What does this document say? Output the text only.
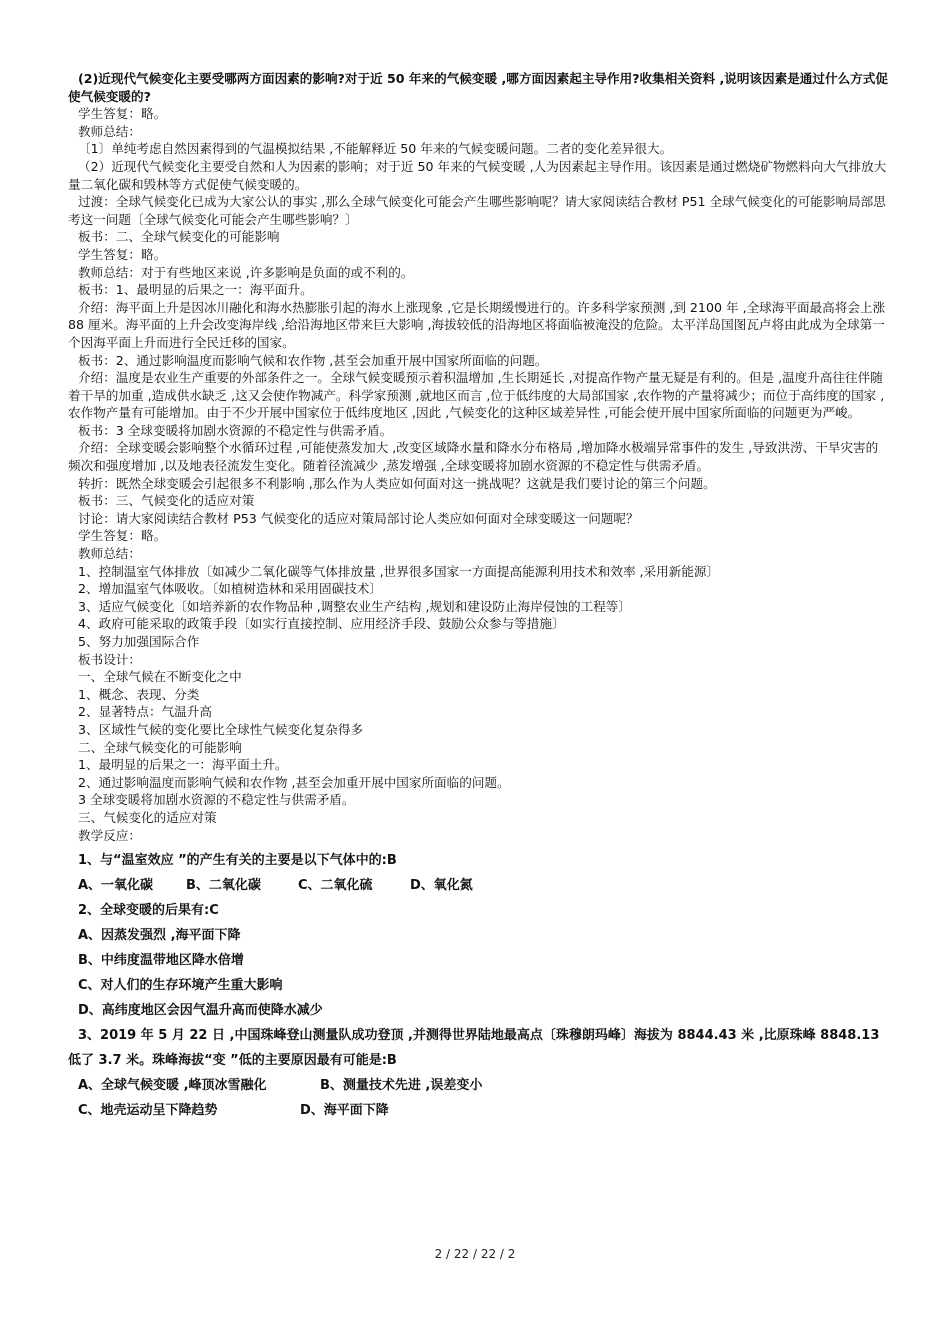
(2)近现代气候变化主要受哪两方面因素的影响?对于近 50 年来的气候变暖 ,哪方面因素起主导作用?收集相关资料 ,说明该因素是通过什么方式促使气候变暖的?

学生答复：略。

教师总结：

〔1〕单纯考虑自然因素得到的气温模拟结果 ,不能解释近 50 年来的气候变暖问题。二者的变化差异很大。

（2）近现代气候变化主要受自然和人为因素的影响；对于近 50 年来的气候变暖 ,人为因素起主导作用。该因素是通过燃烧矿物燃料向大气排放大量二氧化碳和毁林等方式促使气候变暖的。

过渡：全球气候变化已成为大家公认的事实 ,那么全球气候变化可能会产生哪些影响呢？请大家阅读结合教材 P51 全球气候变化的可能影响局部思考这一问题〔全球气候变化可能会产生哪些影响？〕

板书：二、全球气候变化的可能影响

学生答复：略。

教师总结：对于有些地区来说 ,许多影响是负面的或不利的。

板书：1、最明显的后果之一：海平面升。

介绍：海平面上升是因冰川融化和海水热膨胀引起的海水上涨现象 ,它是长期缓慢进行的。许多科学家预测 ,到 2100 年 ,全球海平面最高将会上涨 88 厘米。海平面的上升会改变海岸线 ,给沿海地区带来巨大影响 ,海拔较低的沿海地区将面临被淹没的危险。太平洋岛国图瓦卢将由此成为全球第一个因海平面上升而进行全民迁移的国家。

板书：2、通过影响温度而影响气候和农作物 ,甚至会加重开展中国家所面临的问题。

介绍：温度是农业生产重要的外部条件之一。全球气候变暖预示着积温增加 ,生长期延长 ,对提高作物产量无疑是有利的。但是 ,温度升高往往伴随着干旱的加重 ,造成供水缺乏 ,这又会使作物减产。科学家预测 ,就地区而言 ,位于低纬度的大局部国家 ,农作物的产量将减少；而位于高纬度的国家 ,农作物产量有可能增加。由于不少开展中国家位于低纬度地区 ,因此 ,气候变化的这种区域差异性 ,可能会使开展中国家所面临的问题更为严峻。

板书：3 全球变暖将加剧水资源的不稳定性与供需矛盾。

介绍：全球变暖会影响整个水循环过程 ,可能使蒸发加大 ,改变区域降水量和降水分布格局 ,增加降水极端异常事件的发生 ,导致洪涝、干旱灾害的频次和强度增加 ,以及地表径流发生变化。随着径流减少 ,蒸发增强 ,全球变暖将加剧水资源的不稳定性与供需矛盾。

转折：既然全球变暖会引起很多不利影响 ,那么作为人类应如何面对这一挑战呢？这就是我们要讨论的第三个问题。

板书：三、气候变化的适应对策

讨论：请大家阅读结合教材 P53 气候变化的适应对策局部讨论人类应如何面对全球变暖这一问题呢？

学生答复：略。

教师总结：

1、控制温室气体排放〔如减少二氧化碳等气体排放量 ,世界很多国家一方面提高能源利用技术和效率 ,采用新能源〕

2、增加温室气体吸收。〔如植树造林和采用固碳技术〕

3、适应气候变化〔如培养新的农作物品种 ,调整农业生产结构 ,规划和建设防止海岸侵蚀的工程等〕

4、政府可能采取的政策手段〔如实行直接控制、应用经济手段、鼓励公众参与等措施〕

5、努力加强国际合作

板书设计：

一、全球气候在不断变化之中

1、概念、表现、分类

2、显著特点：气温升高

3、区域性气候的变化要比全球性气候变化复杂得多

二、全球气候变化的可能影响

1、最明显的后果之一：海平面土升。

2、通过影响温度而影响气候和农作物 ,甚至会加重开展中国家所面临的问题。

3 全球变暖将加剧水资源的不稳定性与供需矛盾。

三、气候变化的适应对策

教学反应：

1、与“温室效应 ”的产生有关的主要是以下气体中的:B

A、一氧化碳	B、二氧化碳	C、二氧化硫	D、氧化氮

2、全球变暖的后果有:C

A、因蒸发强烈 ,海平面下降

B、中纬度温带地区降水倍增

C、对人们的生存环境产生重大影响

D、高纬度地区会因气温升高而使降水减少

3、2019 年 5 月 22 日 ,中国珠峰登山测量队成功登顶 ,并测得世界陆地最高点〔珠穆朗玛峰〕海拔为 8844.43 米 ,比原珠峰 8848.13 低了 3.7 米。珠峰海拔“变 ”低的主要原因最有可能是:B

A、全球气候变暖 ,峰顶冰雪融化	B、测量技术先进 ,误差变小
C、地壳运动呈下降趋势	D、海平面下降
2 / 22 / 22 / 2
